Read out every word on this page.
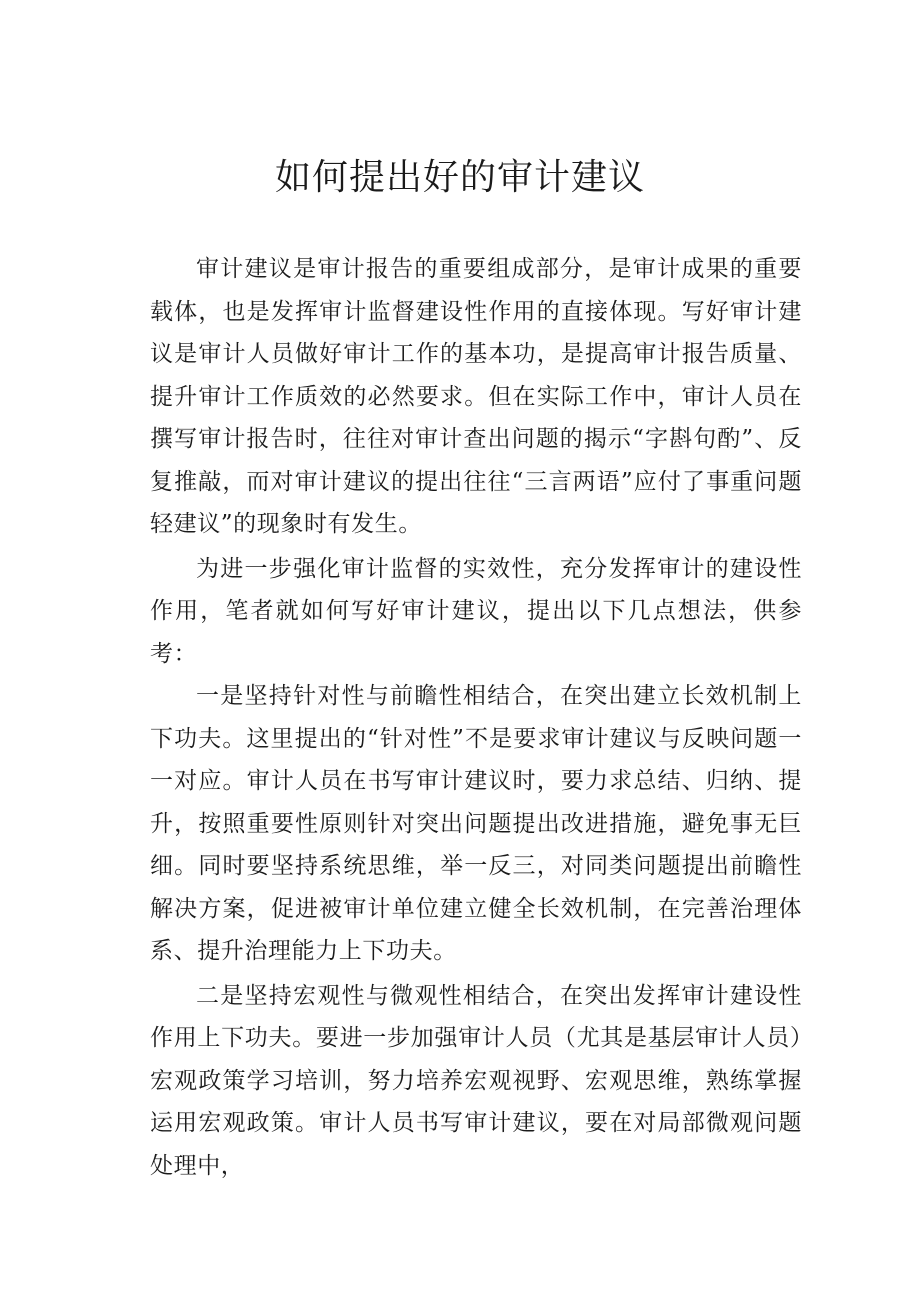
如何提出好的审计建议

审计建议是审计报告的重要组成部分，是审计成果的重要载体，也是发挥审计监督建设性作用的直接体现。写好审计建议是审计人员做好审计工作的基本功，是提高审计报告质量、提升审计工作质效的必然要求。但在实际工作中，审计人员在撰写审计报告时，往往对审计查出问题的揭示“字斟句酌”、反复推敲，而对审计建议的提出往往“三言两语”应付了事重问题轻建议”的现象时有发生。

为进一步强化审计监督的实效性，充分发挥审计的建设性作用，笔者就如何写好审计建议，提出以下几点想法，供参考：

一是坚持针对性与前瞻性相结合，在突出建立长效机制上下功夫。这里提出的“针对性”不是要求审计建议与反映问题一一对应。审计人员在书写审计建议时，要力求总结、归纳、提升，按照重要性原则针对突出问题提出改进措施，避免事无巨细。同时要坚持系统思维，举一反三，对同类问题提出前瞻性解决方案，促进被审计单位建立健全长效机制，在完善治理体系、提升治理能力上下功夫。

二是坚持宏观性与微观性相结合，在突出发挥审计建设性作用上下功夫。要进一步加强审计人员（尤其是基层审计人员）宏观政策学习培训，努力培养宏观视野、宏观思维，熟练掌握运用宏观政策。审计人员书写审计建议，要在对局部微观问题处理中，
